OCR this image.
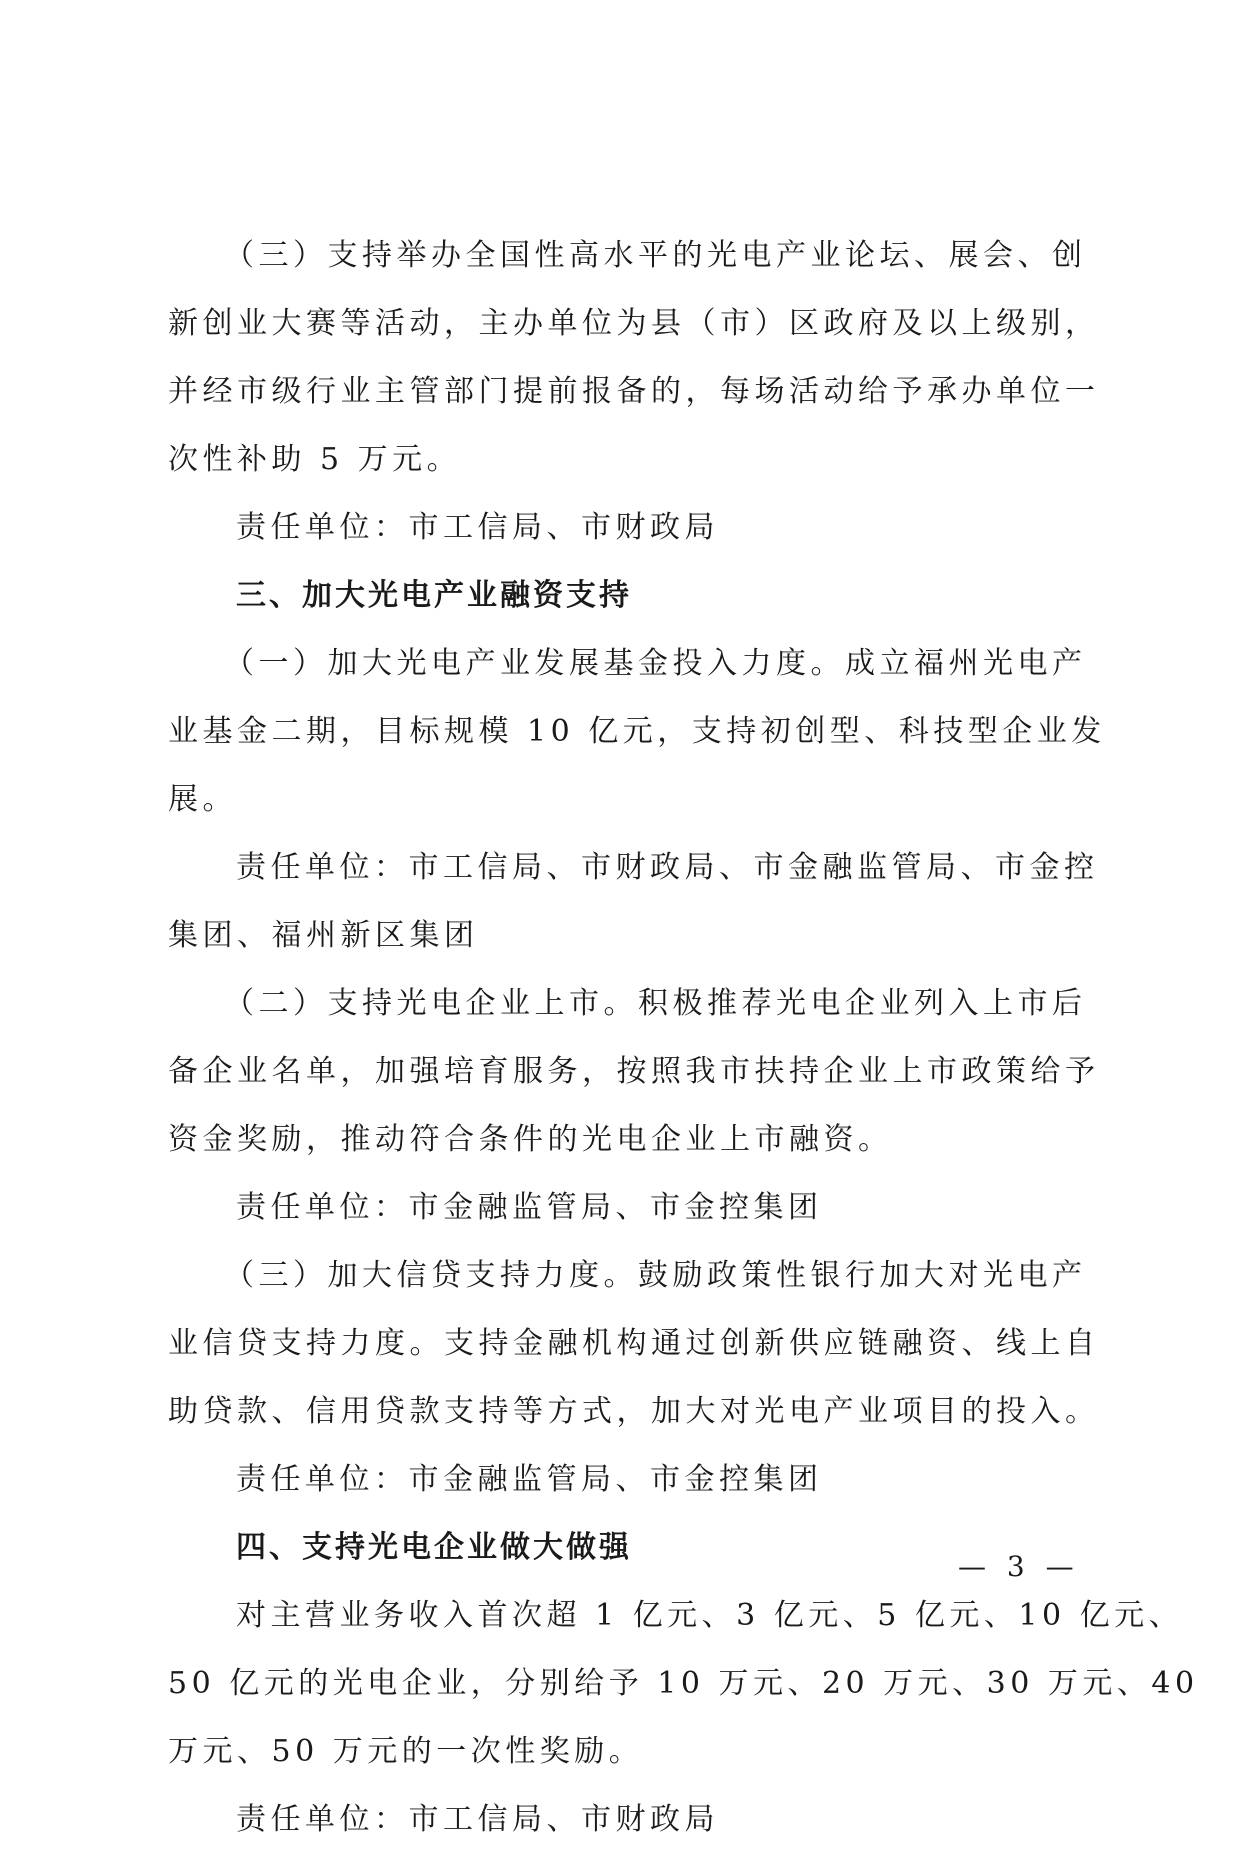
（三）支持举办全国性高水平的光电产业论坛、展会、创
新创业大赛等活动，主办单位为县（市）区政府及以上级别，
并经市级行业主管部门提前报备的，每场活动给予承办单位一
次性补助 5 万元。
责任单位：市工信局、市财政局
三、加大光电产业融资支持
（一）加大光电产业发展基金投入力度。成立福州光电产
业基金二期，目标规模 10 亿元，支持初创型、科技型企业发
展。
责任单位：市工信局、市财政局、市金融监管局、市金控
集团、福州新区集团
（二）支持光电企业上市。积极推荐光电企业列入上市后
备企业名单，加强培育服务，按照我市扶持企业上市政策给予
资金奖励，推动符合条件的光电企业上市融资。
责任单位：市金融监管局、市金控集团
（三）加大信贷支持力度。鼓励政策性银行加大对光电产
业信贷支持力度。支持金融机构通过创新供应链融资、线上自
助贷款、信用贷款支持等方式，加大对光电产业项目的投入。
责任单位：市金融监管局、市金控集团
四、支持光电企业做大做强
对主营业务收入首次超 1 亿元、3 亿元、5 亿元、10 亿元、
50 亿元的光电企业，分别给予 10 万元、20 万元、30 万元、40
万元、50 万元的一次性奖励。
责任单位：市工信局、市财政局
— 3 —
